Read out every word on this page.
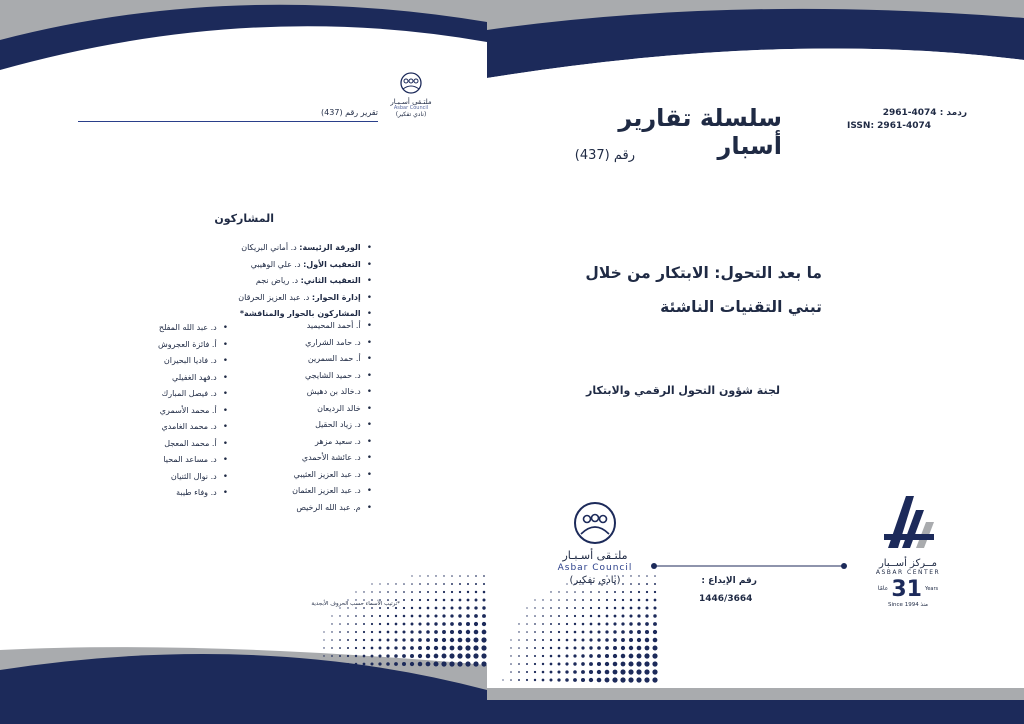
تقرير رقم (437)
ملتـقى أسـبـار
Asbar Council
(نادي تفكير)
المشاركون
•الورقة الرئيسة: د. أماني البريكان
•التعقيب الأول: د. علي الوهيبي
•التعقيب الثاني: د. رياض نجم
•إدارة الحوار: د. عبد العزيز الحرقان
•المشاركون بالحوار والمناقشة*
•أ. أحمد المحيميد
•د. حامد الشراري
•أ. حمد السمرين
•د. حميد الشايجي
•د.خالد بن دهيش
•خالد الرديعان
•د. زياد الحقيل
•د. سعيد مزهر
•د. عائشة الأحمدي
•د. عبد العزيز العثيبي
•د. عبد العزيز العثمان
•م. عبد الله الرخيص
•د. عبد الله المفلح
•أ. فائزة العجروش
•د. فاديا البحيران
•د.فهد الغفيلي
•د. فيصل المبارك
•أ. محمد الأسمري
•د. محمد الغامدي
•أ. محمد المعجل
•د. مساعد المحيا
•د. نوال الثنيان
•د. وفاء طيبة
*ترتيب الأسماء حسب الحروف الأبجدية
سلسلة تقارير أسبار
رقم (437)
ردمد : 4074-2961
ISSN: 2961-4074
ما بعد التحول: الابتكار من خلال
تبني التقنيات الناشئة
لجنة شؤون التحول الرقمي والابتكار
رقم الإيداع :
1446/3664
ملتـقى أسـبـار
Asbar Council
(نادي تفكير)
مــركز أســبار
ASBAR CENTER
عامًا 31 Years
Since 1994 منذ
